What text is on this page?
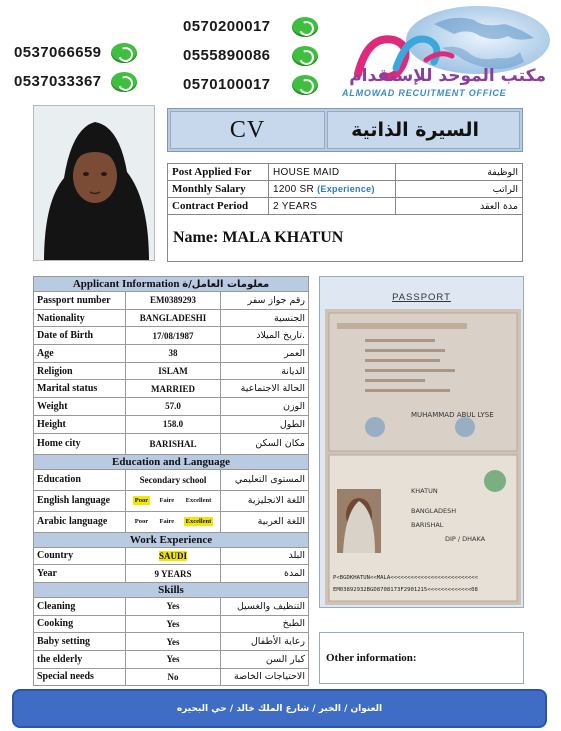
0537066659
0537033367
0570200017
0555890086
0570100017	مكتب الموحد للإستقدام
ALMOWAD RECUITMENT OFFICE
CV	السيرة الذاتية
Post Applied For	HOUSE MAID	الوظيفة
Monthly Salary	1200 SR (Experience)	الراتب
Contract Period	2 YEARS	مدة العقد
Name: MALA KHATUN
Applicant Information معلومات العامل/ة		
Passport number	EM0389293	رقم جواز سفر
Nationality	BANGLADESHI	الجنسية
Date of Birth	17/08/1987	تاريخ الميلاد.
Age	38	العمر
Religion	ISLAM	الديانة
Marital status	MARRIED	الحالة الاجتماعية
Weight	57.0	الوزن
Height	158.0	الطول
Home city	BARISHAL	مكان السكن
Education and Language		
Education	Secondary school	المستوى التعليمي
English language	Poor Faire Excellent	اللغة الانجليزية
Arabic language	Poor Faire Excellent	اللغة العربية
Work Experience		
Country	SAUDI	البلد
Year	9 YEARS	المدة
Skills		
Cleaning	Yes	التنظيف والغسيل
Cooking	Yes	الطبخ
Baby setting	Yes	رعاية الأطفال
the elderly	Yes	كبار السن
Special needs	No	الاحتياجات الخاصة
PASSPORT
MUHAMMAD ABUL LYSE
KHATUN
BANGLADESH
BARISHAL
DIP / DHAKA
P<BGDKHATUN<<MALA<<<<<<<<<<<<<<<<<<<<<<<<<<
EM03892932BGD8708173F2901215<<<<<<<<<<<<<08
Other information:
العنوان / الخبر / شارع الملك خالد / حي البحيره
